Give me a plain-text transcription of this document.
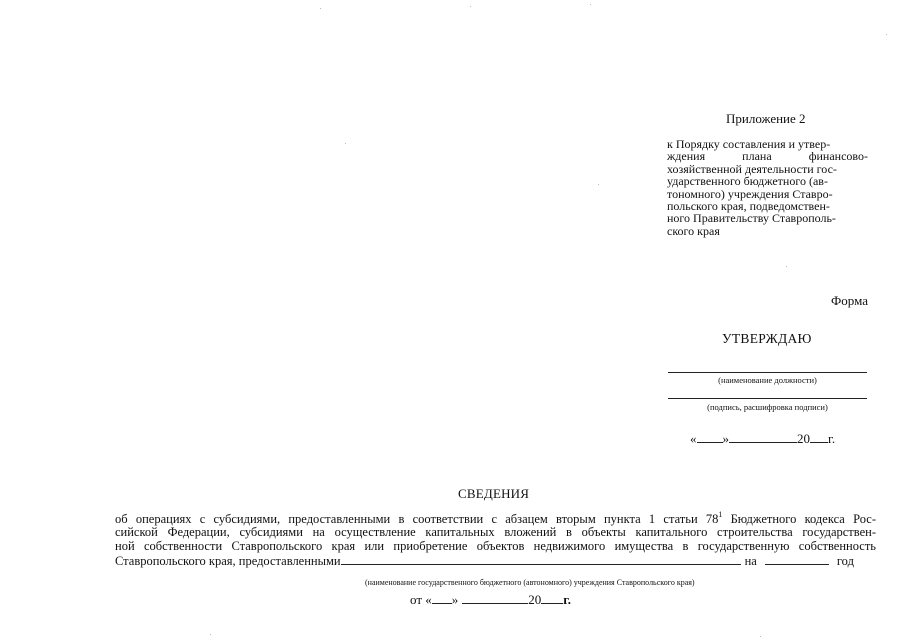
Приложение 2
к Порядку составления и утвер-
ждения плана финансово-
хозяйственной деятельности гос-
ударственного бюджетного (ав-
тономного) учреждения Ставро-
польского края, подведомствен-
ного Правительству Ставрополь-
ского края
Форма
УТВЕРЖДАЮ
(наименование должности)
(подпись, расшифровка подписи)
« »	20 г.
СВЕДЕНИЯ
об операциях с субсидиями, предоставленными в соответствии с абзацем вторым пункта 1 статьи $78^1$ Бюджетного кодекса Рос-
сийской Федерации, субсидиями на осуществление капитальных вложений в объекты капитального строительства государствен-
ной собственности Ставропольского края или приобретение объектов недвижимого имущества в государственную собственность
Ставропольского края, предоставленными	на	год
(наименование государственного бюджетного (автономного) учреждения Ставропольского края)
от « »	20 г.
